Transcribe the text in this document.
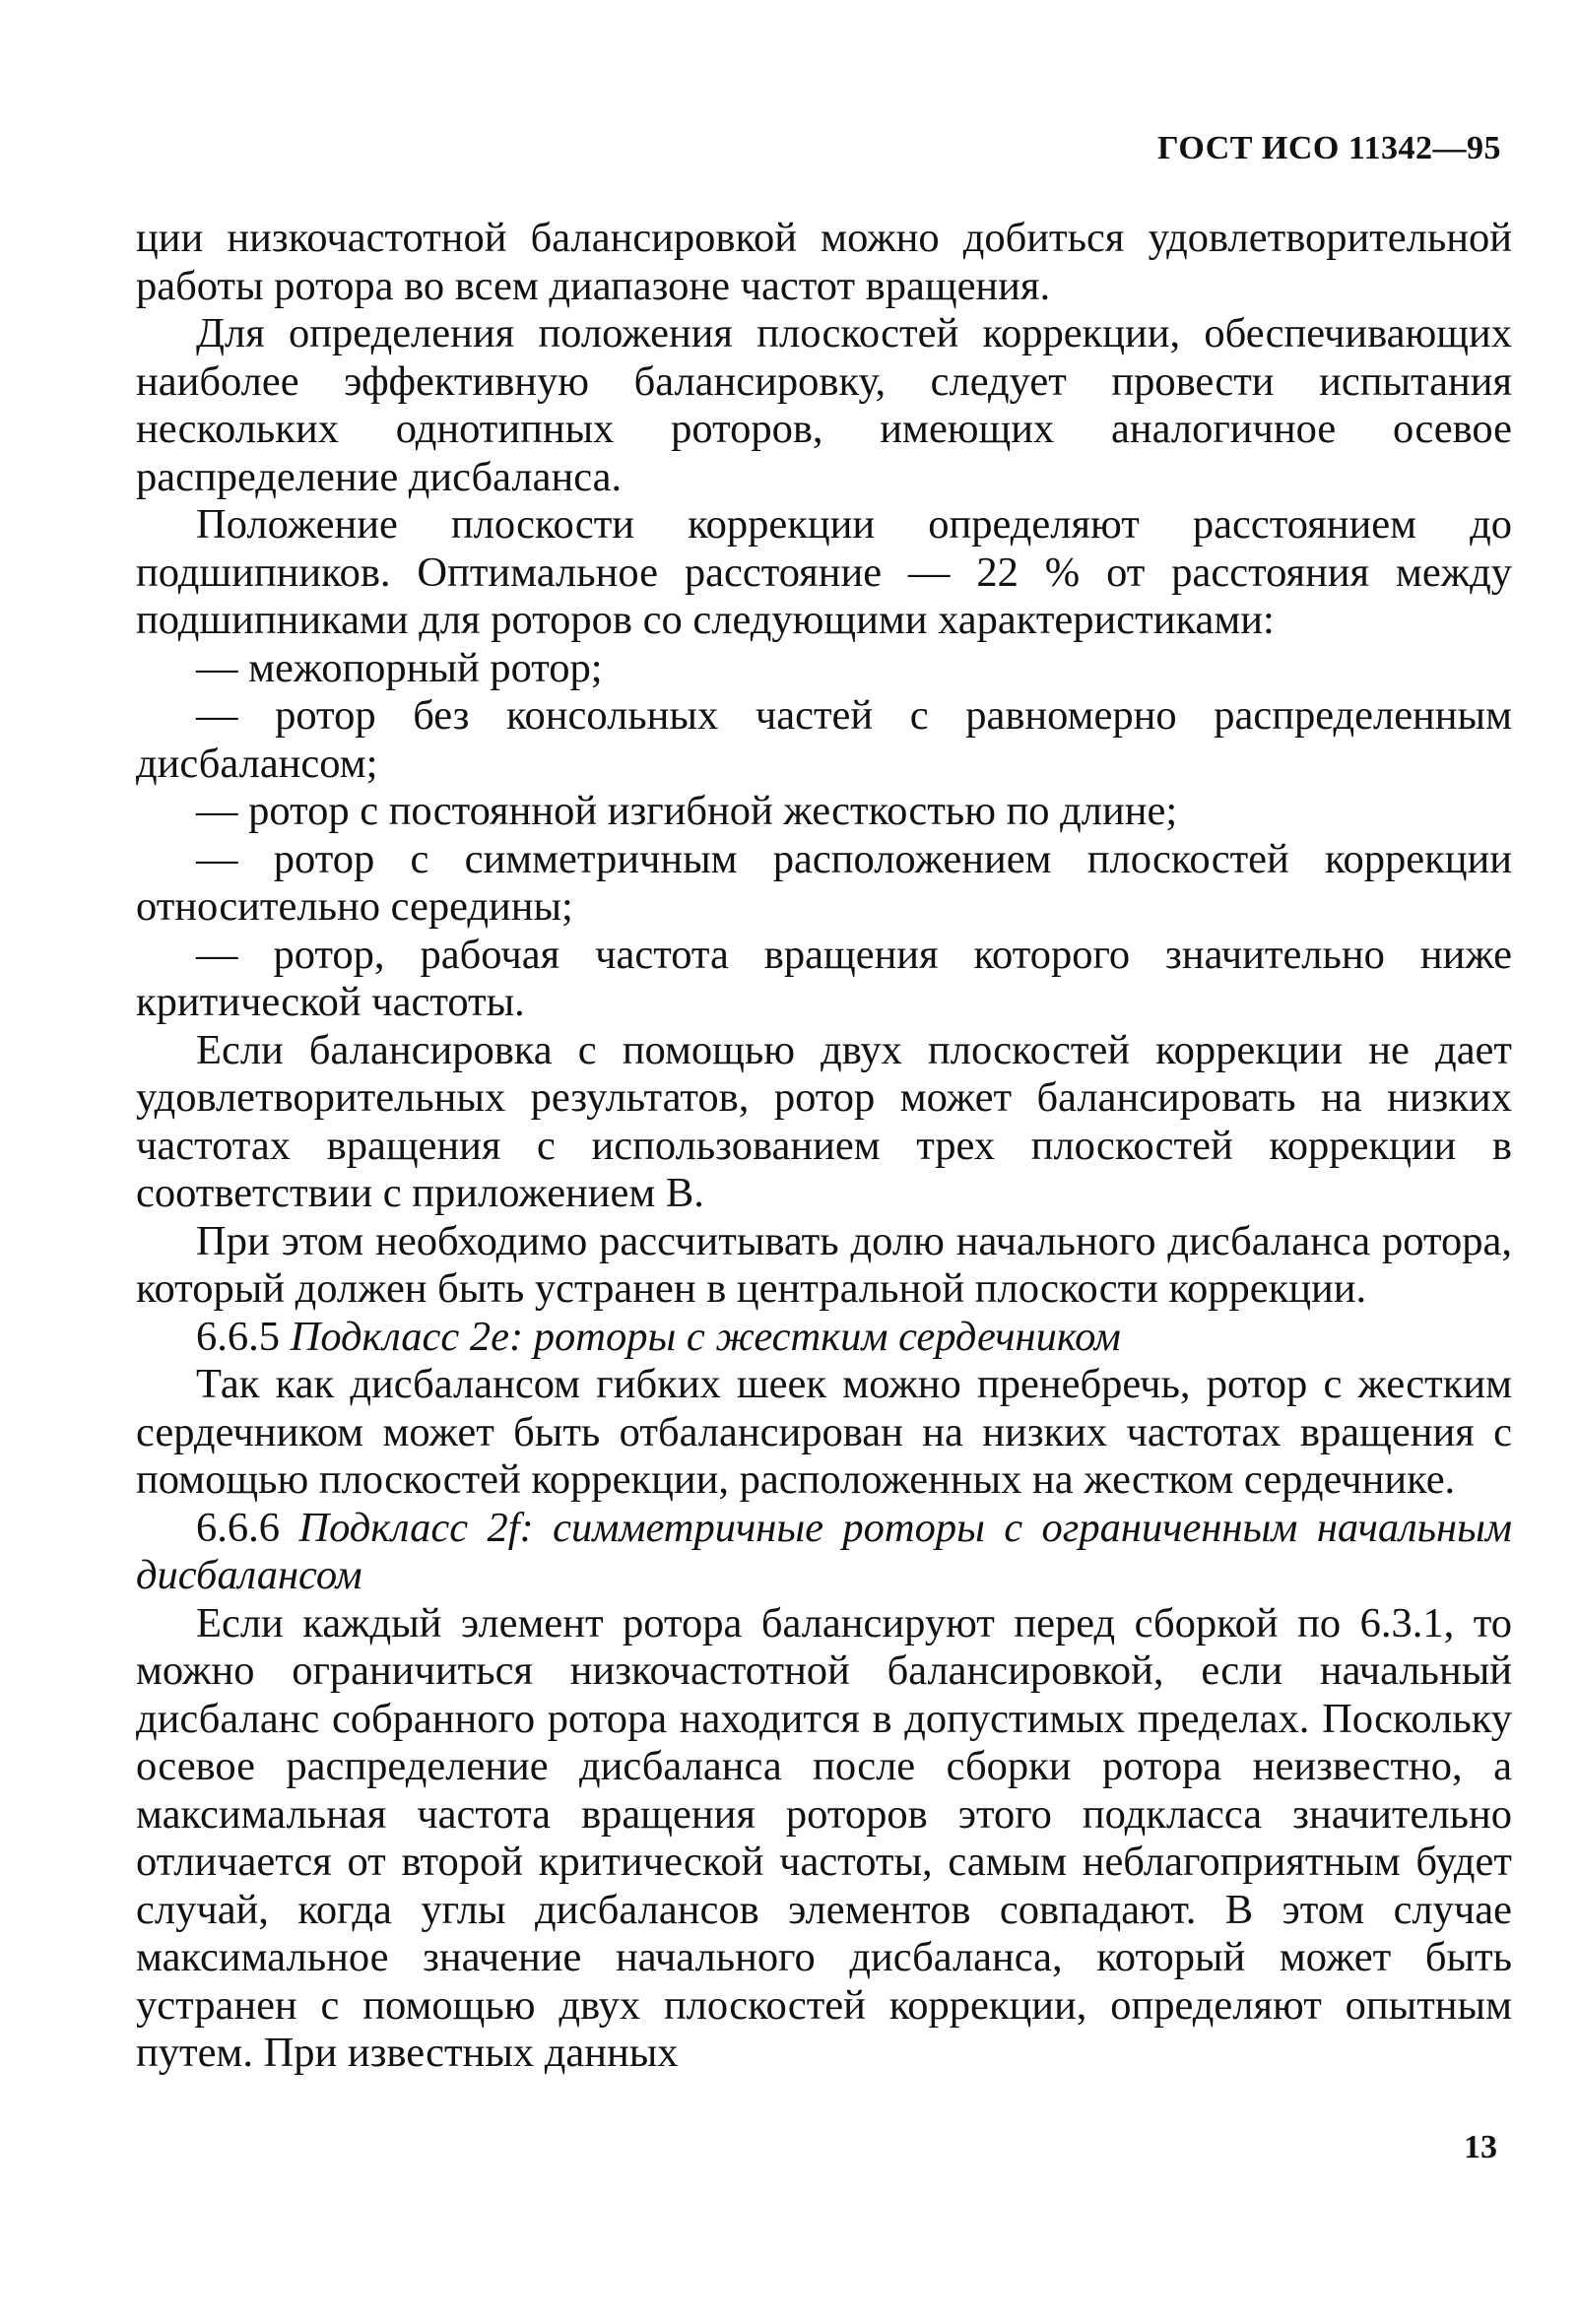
ГОСТ ИСО 11342—95

ции низкочастотной балансировкой можно добиться удовлетворительной работы ротора во всем диапазоне частот вращения.

Для определения положения плоскостей коррекции, обеспечивающих наиболее эффективную балансировку, следует провести испытания нескольких однотипных роторов, имеющих аналогичное осевое распределение дисбаланса.

Положение плоскости коррекции определяют расстоянием до подшипников. Оптимальное расстояние — 22 % от расстояния между подшипниками для роторов со следующими характеристиками:

— межопорный ротор;

— ротор без консольных частей с равномерно распределенным дисбалансом;

— ротор с постоянной изгибной жесткостью по длине;

— ротор с симметричным расположением плоскостей коррекции относительно середины;

— ротор, рабочая частота вращения которого значительно ниже критической частоты.

Если балансировка с помощью двух плоскостей коррекции не дает удовлетворительных результатов, ротор может балансировать на низких частотах вращения с использованием трех плоскостей коррекции в соответствии с приложением В.

При этом необходимо рассчитывать долю начального дисбаланса ротора, который должен быть устранен в центральной плоскости коррекции.

6.6.5 Подкласс 2е: роторы с жестким сердечником

Так как дисбалансом гибких шеек можно пренебречь, ротор с жестким сердечником может быть отбалансирован на низких частотах вращения с помощью плоскостей коррекции, расположенных на жестком сердечнике.

6.6.6 Подкласс 2f: симметричные роторы с ограниченным начальным дисбалансом

Если каждый элемент ротора балансируют перед сборкой по 6.3.1, то можно ограничиться низкочастотной балансировкой, если начальный дисбаланс собранного ротора находится в допустимых пределах. Поскольку осевое распределение дисбаланса после сборки ротора неизвестно, а максимальная частота вращения роторов этого подкласса значительно отличается от второй критической частоты, самым неблагоприятным будет случай, когда углы дисбалансов элементов совпадают. В этом случае максимальное значение начального дисбаланса, который может быть устранен с помощью двух плоскостей коррекции, определяют опытным путем. При известных данных

13
